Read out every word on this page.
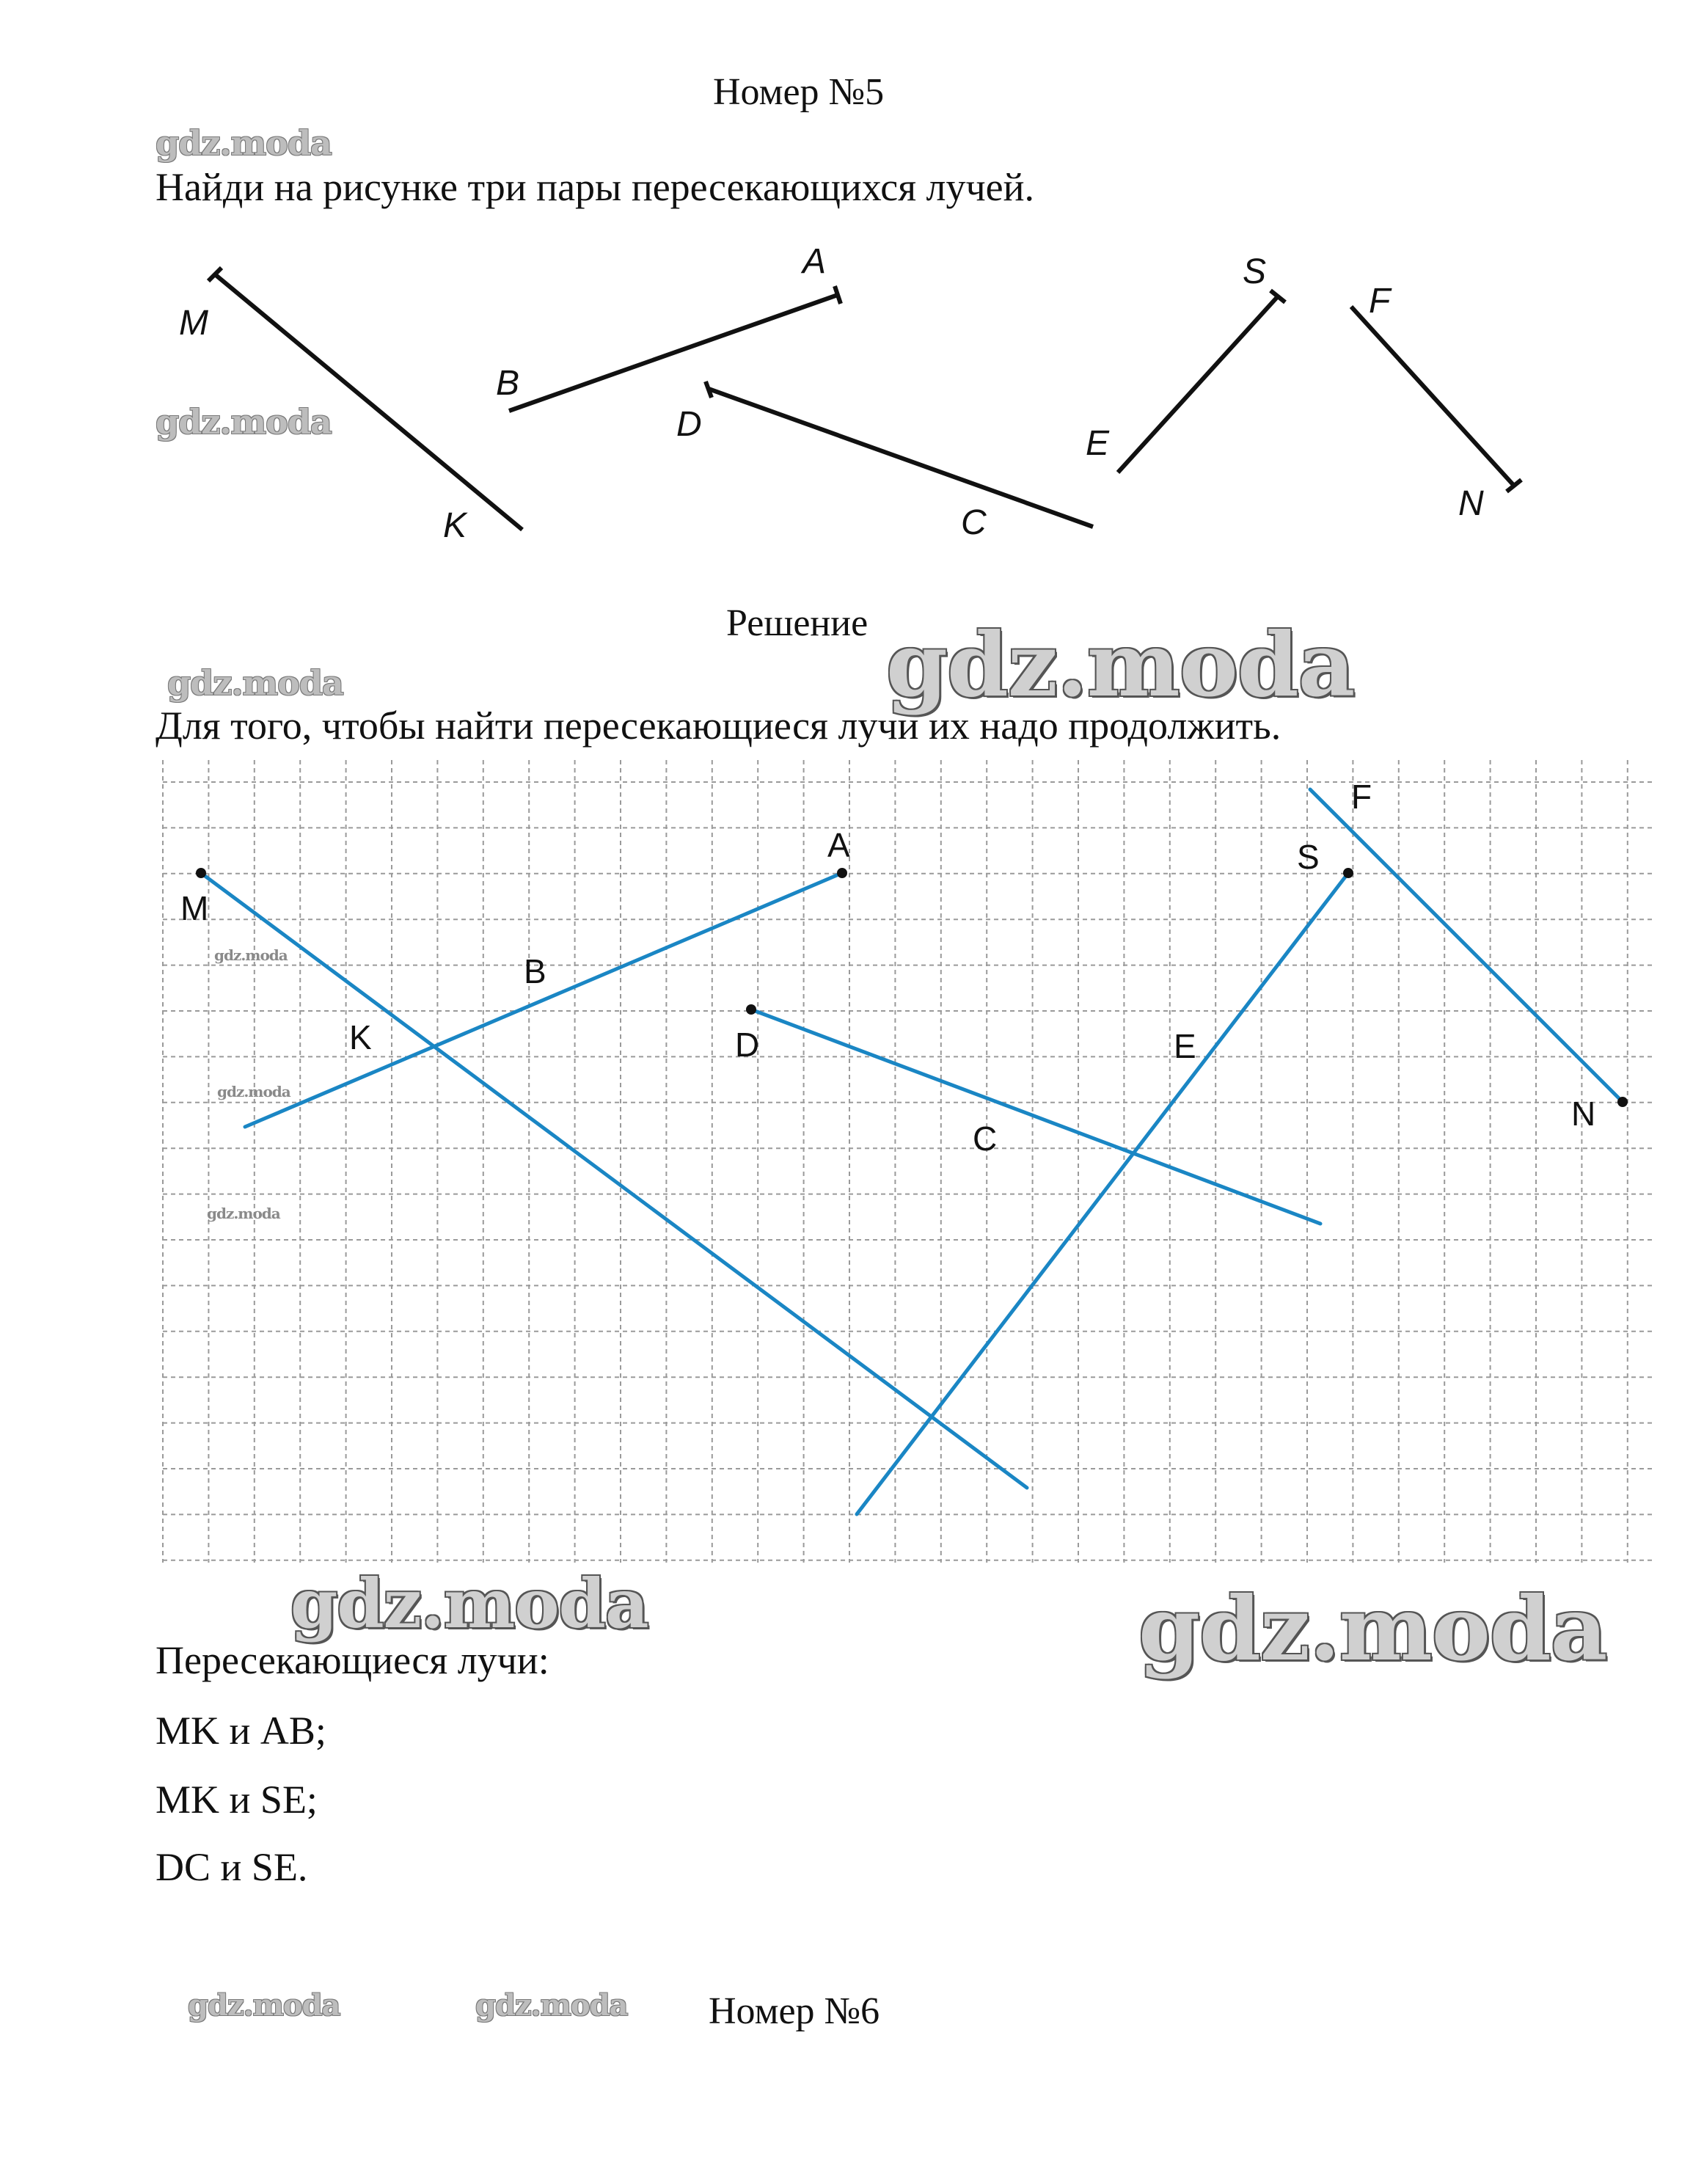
Номер №5
gdz.moda
Найди на рисунке три пары пересекающихся лучей.
M
K
B
A
D
C
S
E
F
N
gdz.moda
Решение gdz.moda
gdz.moda
Для того, чтобы найти пересекающиеся лучи их надо продолжить.
M
A
B
K	D
C
S
E
F
N
gdz.moda
gdz.moda
gdz.moda
gdz.moda	gdz.moda
Пересекающиеся лучи:
MK и AB;
MK и SE;
DC и SE.
gdz.moda	gdz.moda Номер №6
